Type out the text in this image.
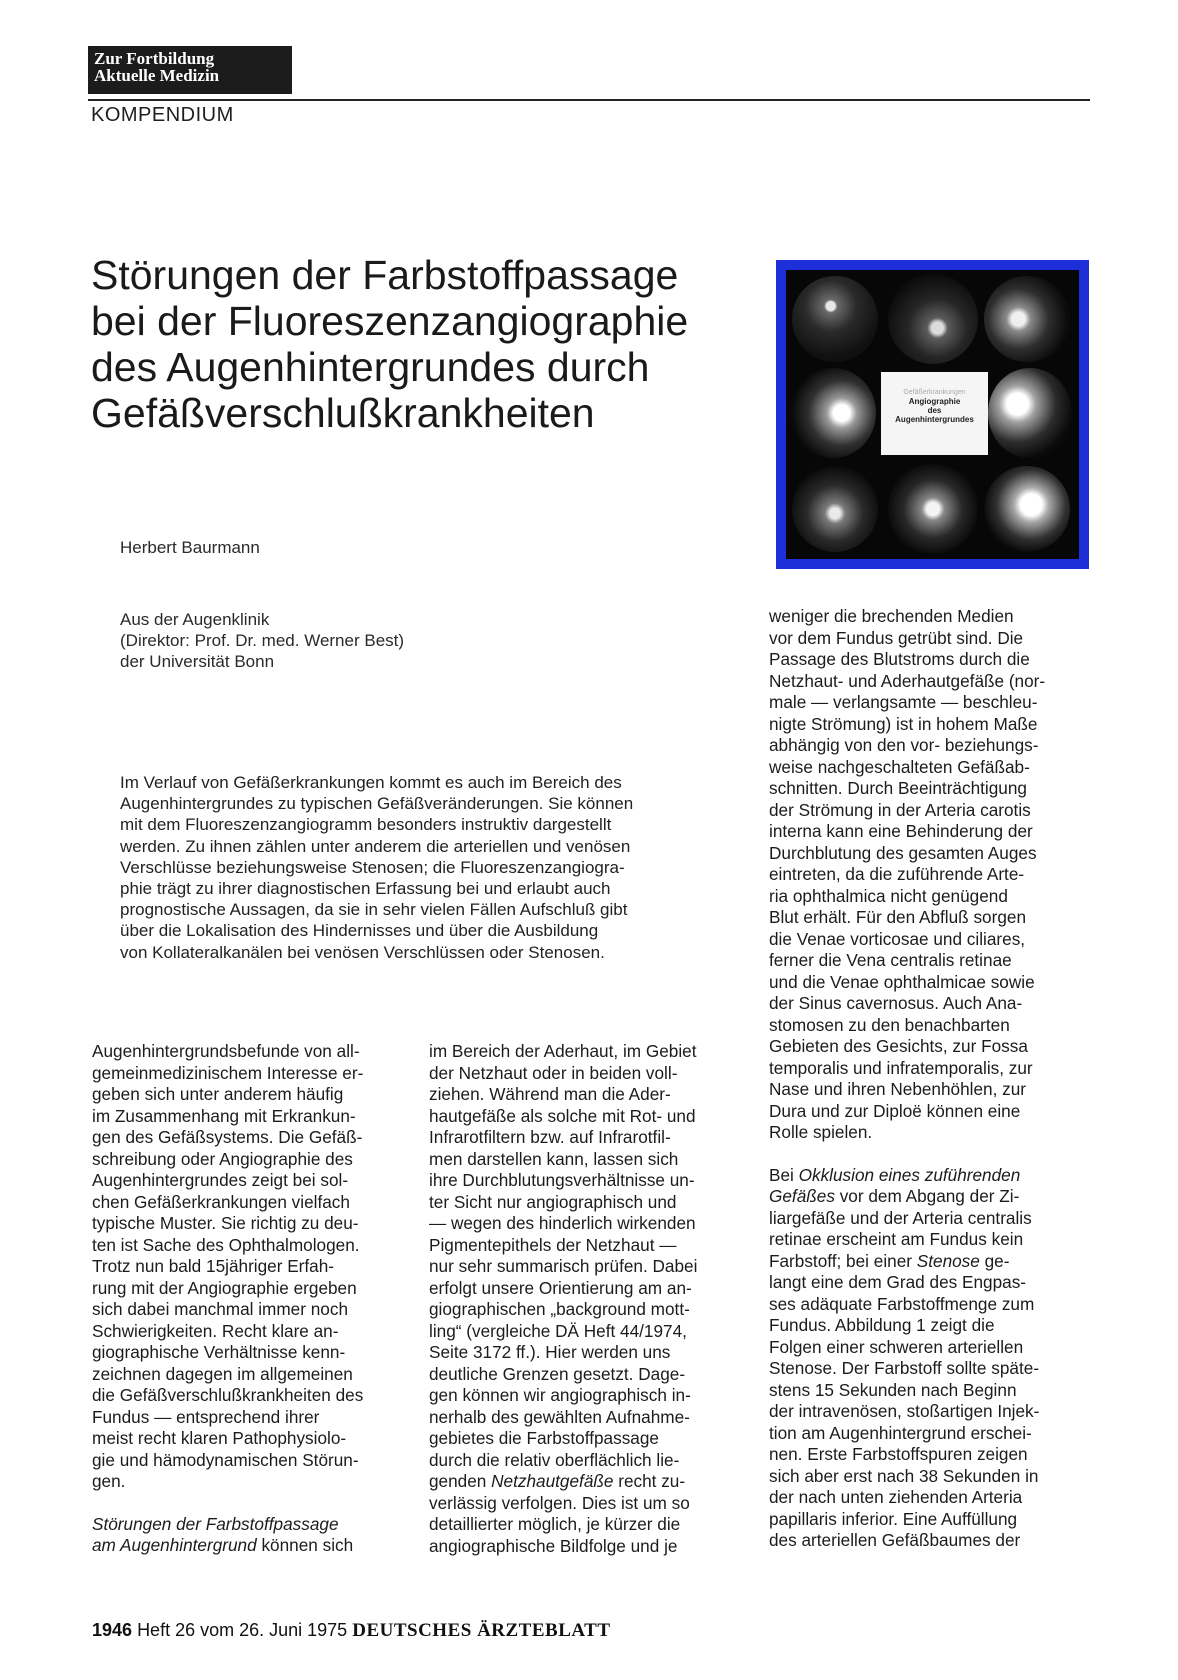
Zur Fortbildung
Aktuelle Medizin
KOMPENDIUM
Störungen der Farbstoffpassage
bei der Fluoreszenzangiographie
des Augenhintergrundes durch
Gefäßverschlußkrankheiten	Gefäßerkrankungen
Angiographie
des
Augenhintergrundes
Herbert Baurmann
Aus der Augenklinik
(Direktor: Prof. Dr. med. Werner Best)
der Universität Bonn
Im Verlauf von Gefäßerkrankungen kommt es auch im Bereich des
Augenhintergrundes zu typischen Gefäßveränderungen. Sie können
mit dem Fluoreszenzangiogramm besonders instruktiv dargestellt
werden. Zu ihnen zählen unter anderem die arteriellen und venösen
Verschlüsse beziehungsweise Stenosen; die Fluoreszenzangiogra-
phie trägt zu ihrer diagnostischen Erfassung bei und erlaubt auch
prognostische Aussagen, da sie in sehr vielen Fällen Aufschluß gibt
über die Lokalisation des Hindernisses und über die Ausbildung
von Kollateralkanälen bei venösen Verschlüssen oder Stenosen.
Augenhintergrundsbefunde von all-
gemeinmedizinischem Interesse er-
geben sich unter anderem häufig
im Zusammenhang mit Erkrankun-
gen des Gefäßsystems. Die Gefäß-
schreibung oder Angiographie des
Augenhintergrundes zeigt bei sol-
chen Gefäßerkrankungen vielfach
typische Muster. Sie richtig zu deu-
ten ist Sache des Ophthalmologen.
Trotz nun bald 15jähriger Erfah-
rung mit der Angiographie ergeben
sich dabei manchmal immer noch
Schwierigkeiten. Recht klare an-
giographische Verhältnisse kenn-
zeichnen dagegen im allgemeinen
die Gefäßverschlußkrankheiten des
Fundus — entsprechend ihrer
meist recht klaren Pathophysiolo-
gie und hämodynamischen Störun-
gen.
Störungen der Farbstoffpassage
am Augenhintergrund können sich
im Bereich der Aderhaut, im Gebiet
der Netzhaut oder in beiden voll-
ziehen. Während man die Ader-
hautgefäße als solche mit Rot- und
Infrarotfiltern bzw. auf Infrarotfil-
men darstellen kann, lassen sich
ihre Durchblutungsverhältnisse un-
ter Sicht nur angiographisch und
— wegen des hinderlich wirkenden
Pigmentepithels der Netzhaut —
nur sehr summarisch prüfen. Dabei
erfolgt unsere Orientierung am an-
giographischen „background mott-
ling“ (vergleiche DÄ Heft 44/1974,
Seite 3172 ff.). Hier werden uns
deutliche Grenzen gesetzt. Dage-
gen können wir angiographisch in-
nerhalb des gewählten Aufnahme-
gebietes die Farbstoffpassage
durch die relativ oberflächlich lie-
genden Netzhautgefäße recht zu-
verlässig verfolgen. Dies ist um so
detaillierter möglich, je kürzer die
angiographische Bildfolge und je
weniger die brechenden Medien
vor dem Fundus getrübt sind. Die
Passage des Blutstroms durch die
Netzhaut- und Aderhautgefäße (nor-
male — verlangsamte — beschleu-
nigte Strömung) ist in hohem Maße
abhängig von den vor- beziehungs-
weise nachgeschalteten Gefäßab-
schnitten. Durch Beeinträchtigung
der Strömung in der Arteria carotis
interna kann eine Behinderung der
Durchblutung des gesamten Auges
eintreten, da die zuführende Arte-
ria ophthalmica nicht genügend
Blut erhält. Für den Abfluß sorgen
die Venae vorticosae und ciliares,
ferner die Vena centralis retinae
und die Venae ophthalmicae sowie
der Sinus cavernosus. Auch Ana-
stomosen zu den benachbarten
Gebieten des Gesichts, zur Fossa
temporalis und infratemporalis, zur
Nase und ihren Nebenhöhlen, zur
Dura und zur Diploë können eine
Rolle spielen.
Bei Okklusion eines zuführenden
Gefäßes vor dem Abgang der Zi-
liargefäße und der Arteria centralis
retinae erscheint am Fundus kein
Farbstoff; bei einer Stenose ge-
langt eine dem Grad des Engpas-
ses adäquate Farbstoffmenge zum
Fundus. Abbildung 1 zeigt die
Folgen einer schweren arteriellen
Stenose. Der Farbstoff sollte späte-
stens 15 Sekunden nach Beginn
der intravenösen, stoßartigen Injek-
tion am Augenhintergrund erschei-
nen. Erste Farbstoffspuren zeigen
sich aber erst nach 38 Sekunden in
der nach unten ziehenden Arteria
papillaris inferior. Eine Auffüllung
des arteriellen Gefäßbaumes der
1946 Heft 26 vom 26. Juni 1975 DEUTSCHES ÄRZTEBLATT
